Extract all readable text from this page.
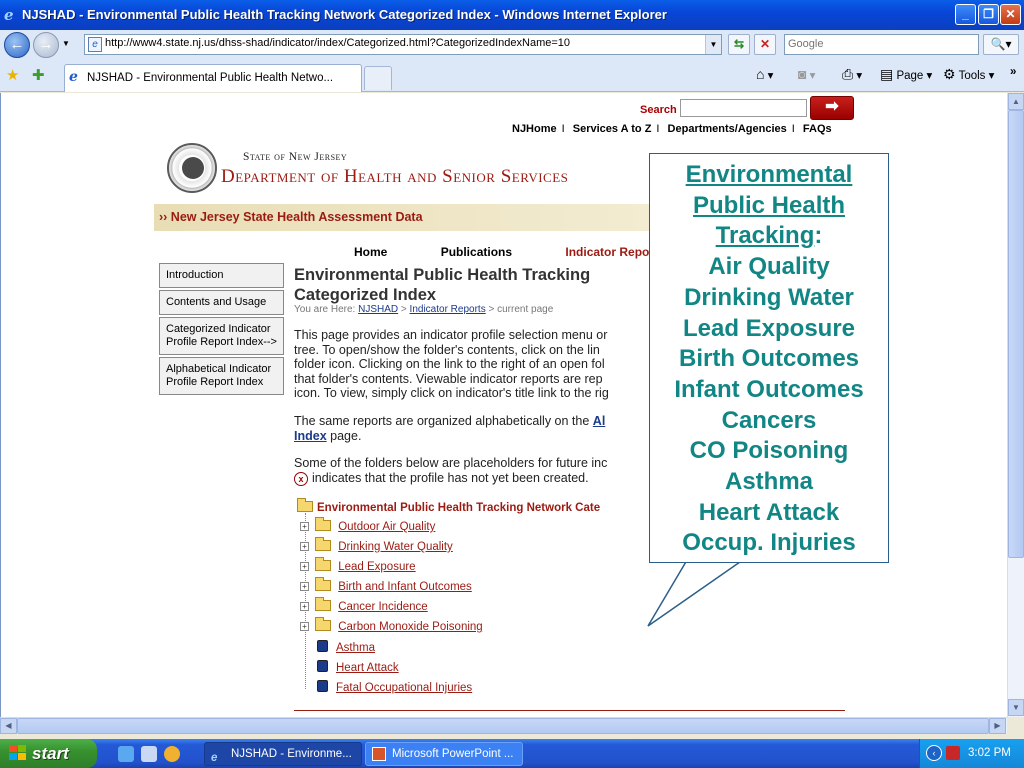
e NJSHAD - Environmental Public Health Tracking Network Categorized Index - Windows Internet Explorer	_	❐ ✕
← →	▼	e
http://www4.state.nj.us/dhss-shad/indicator/index/Categorized.html?CategorizedIndexName=10	▼	⇆	✕
Google	🔍▾
★ ✚ e NJSHAD - Environmental Public Health Netwo...	⌂ ▾ ◙ ▾ ⎙ ▾ ▤ Page ▾ ⚙ Tools ▾ »
Search	➡
NJHome I Services A to Z I Departments/Agencies I FAQs
State of New Jersey
Department of Health and Senior Services
›› New Jersey State Health Assessment Data
Home	Publications	Indicator Repo
Introduction
Contents and Usage
Categorized Indicator Profile Report Index-->
Alphabetical Indicator Profile Report Index
Environmental Public Health Tracking Categorized Index
You are Here: NJSHAD > Indicator Reports > current page
This page provides an indicator profile selection menu or
tree. To open/show the folder's contents, click on the lin
folder icon. Clicking on the link to the right of an open fol
that folder's contents. Viewable indicator reports are rep
icon. To view, simply click on indicator's title link to the rig
The same reports are organized alphabetically on the Al
Index page.
Some of the folders below are placeholders for future inc
x indicates that the profile has not yet been created.
Environmental Public Health Tracking Network Cate
+	Outdoor Air Quality
+	Drinking Water Quality
+	Lead Exposure
+	Birth and Infant Outcomes
+	Cancer Incidence
+	Carbon Monoxide Poisoning
Asthma
Heart Attack
Fatal Occupational Injuries
Environmental
Public Health
Tracking:
Air Quality
Drinking Water
Lead Exposure
Birth Outcomes
Infant Outcomes
Cancers
CO Poisoning
Asthma
Heart Attack
Occup. Injuries
▲
▼
◀	▶
start	e	NJSHAD - Environme...	Microsoft PowerPoint ...	‹	3:02 PM
